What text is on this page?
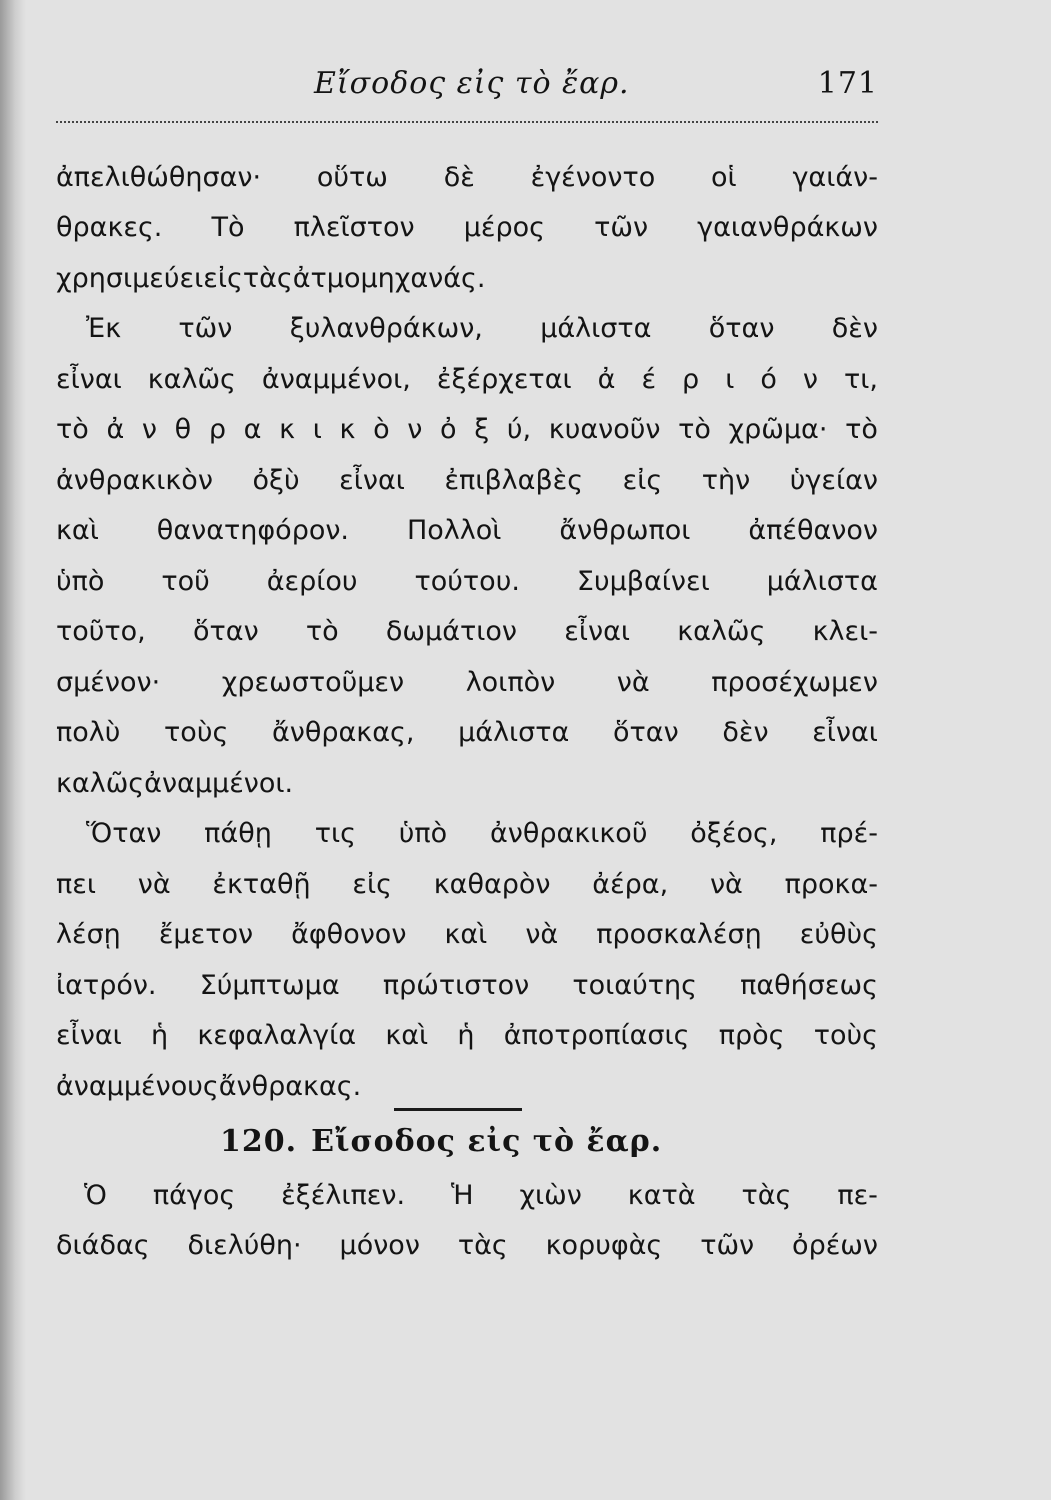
Εἴσοδος εἰς τὸ ἔαρ.	171
ἀπελιθώθησαν· οὕτω δὲ ἐγένοντο οἱ γαιάν-
θρακες. Τὸ πλεῖστον μέρος τῶν γαιανθράκων
χρησιμεύει εἰς τὰς ἀτμομηχανάς.
Ἐκ τῶν ξυλανθράκων, μάλιστα ὅταν δὲν
εἶναι καλῶς ἀναμμένοι, ἐξέρχεται ἀ έ ρ ι ό ν τι,
τὸ ἀ ν θ ρ α κ ι κ ὸ ν ὀ ξ ύ, κυανοῦν τὸ χρῶμα· τὸ
ἀνθρακικὸν ὀξὺ εἶναι ἐπιβλαβὲς εἰς τὴν ὑγείαν
καὶ θανατηφόρον. Πολλοὶ ἄνθρωποι ἀπέθανον
ὑπὸ τοῦ ἀερίου τούτου. Συμβαίνει μάλιστα
τοῦτο, ὅταν τὸ δωμάτιον εἶναι καλῶς κλει-
σμένον· χρεωστοῦμεν λοιπὸν νὰ προσέχωμεν
πολὺ τοὺς ἄνθρακας, μάλιστα ὅταν δὲν εἶναι
καλῶς ἀναμμένοι.
Ὅταν πάθῃ τις ὑπὸ ἀνθρακικοῦ ὀξέος, πρέ-
πει νὰ ἐκταθῇ εἰς καθαρὸν ἀέρα, νὰ προκα-
λέσῃ ἔμετον ἄφθονον καὶ νὰ προσκαλέσῃ εὐθὺς
ἰατρόν. Σύμπτωμα πρώτιστον τοιαύτης παθήσεως
εἶναι ἡ κεφαλαλγία καὶ ἡ ἀποτροπίασις πρὸς τοὺς
ἀναμμένους ἄνθρακας.
120. Εἴσοδος εἰς τὸ ἔαρ.
Ὁ πάγος ἐξέλιπεν. Ἡ χιὼν κατὰ τὰς πε-
διάδας διελύθη· μόνον τὰς κορυφὰς τῶν ὀρέων
